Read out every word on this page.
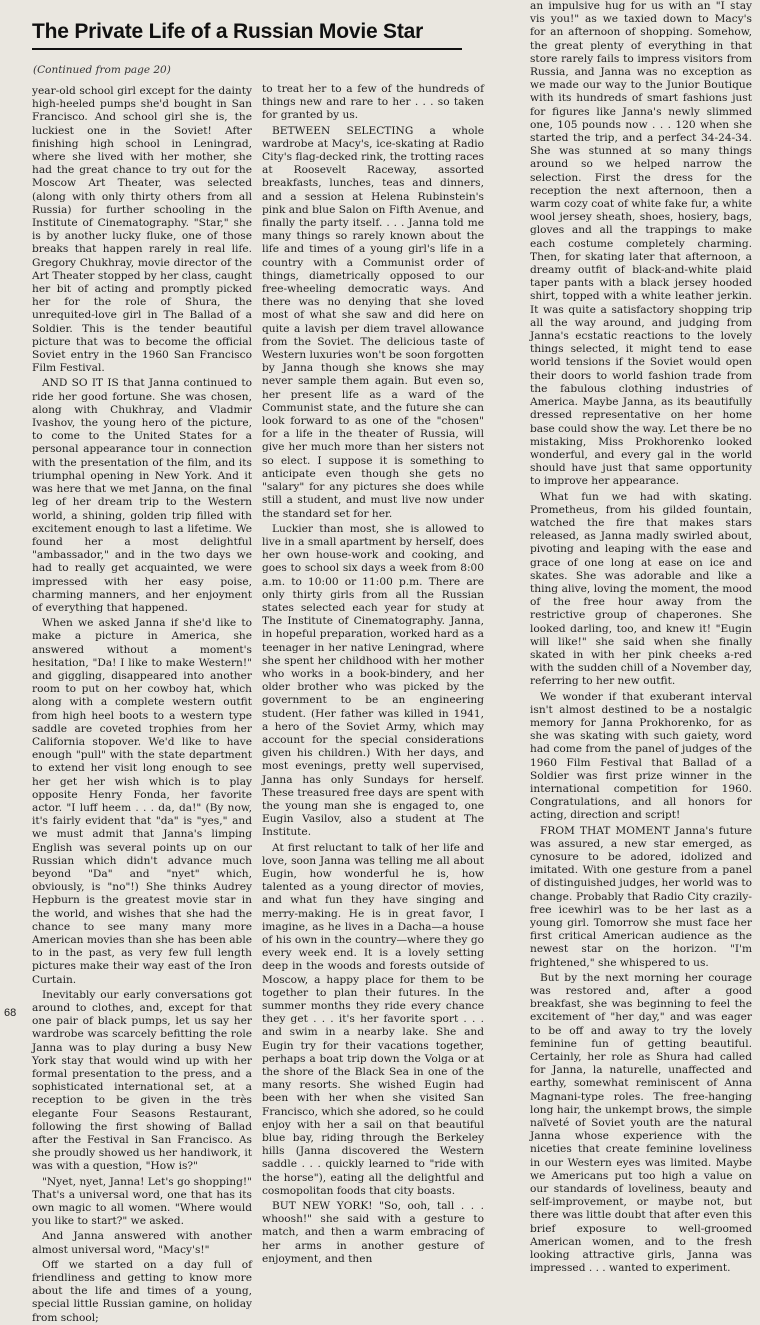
The Private Life of a Russian Movie Star
(Continued from page 20)

year-old school girl except for the dainty high-heeled pumps she'd bought in San Francisco. And school girl she is, the luckiest one in the Soviet! After finishing high school in Leningrad, where she lived with her mother, she had the great chance to try out for the Moscow Art Theater, was selected (along with only thirty others from all Russia) for further schooling in the Institute of Cinematography. "Star," she is by another lucky fluke, one of those breaks that happen rarely in real life. Gregory Chukhray, movie director of the Art Theater stopped by her class, caught her bit of acting and promptly picked her for the role of Shura, the unrequited-love girl in The Ballad of a Soldier. This is the tender beautiful picture that was to become the official Soviet entry in the 1960 San Francisco Film Festival.

AND SO IT IS that Janna continued to ride her good fortune. She was chosen, along with Chukhray, and Vladmir Ivashov, the young hero of the picture, to come to the United States for a personal appearance tour in connection with the presentation of the film, and its triumphal opening in New York. And it was here that we met Janna, on the final leg of her dream trip to the Western world, a shining, golden trip filled with excitement enough to last a lifetime. We found her a most delightful "ambassador," and in the two days we had to really get acquainted, we were impressed with her easy poise, charming manners, and her enjoyment of everything that happened.

When we asked Janna if she'd like to make a picture in America, she answered without a moment's hesitation, "Da! I like to make Western!" and giggling, disappeared into another room to put on her cowboy hat, which along with a complete western outfit from high heel boots to a western type saddle are coveted trophies from her California stopover. We'd like to have enough "pull" with the state department to extend her visit long enough to see her get her wish which is to play opposite Henry Fonda, her favorite actor. "I luff heem . . . da, da!" (By now, it's fairly evident that "da" is "yes," and we must admit that Janna's limping English was several points up on our Russian which didn't advance much beyond "Da" and "nyet" which, obviously, is "no"!) She thinks Audrey Hepburn is the greatest movie star in the world, and wishes that she had the chance to see many many more American movies than she has been able to in the past, as very few full length pictures make their way east of the Iron Curtain.

Inevitably our early conversations got around to clothes, and, except for that one pair of black pumps, let us say her wardrobe was scarcely befitting the role Janna was to play during a busy New York stay that would wind up with her formal presentation to the press, and a sophisticated international set, at a reception to be given in the très elegante Four Seasons Restaurant, following the first showing of Ballad after the Festival in San Francisco. As she proudly showed us her handiwork, it was with a question, "How is?"

"Nyet, nyet, Janna! Let's go shopping!" That's a universal word, one that has its own magic to all women. "Where would you like to start?" we asked.

And Janna answered with another almost universal word, "Macy's!"

Off we started on a day full of friendliness and getting to know more about the life and times of a young, special little Russian gamine, on holiday from school;

to treat her to a few of the hundreds of things new and rare to her . . . so taken for granted by us.

BETWEEN SELECTING a whole wardrobe at Macy's, ice-skating at Radio City's flag-decked rink, the trotting races at Roosevelt Raceway, assorted breakfasts, lunches, teas and dinners, and a session at Helena Rubinstein's pink and blue Salon on Fifth Avenue, and finally the party itself. . . . Janna told me many things so rarely known about the life and times of a young girl's life in a country with a Communist order of things, diametrically opposed to our free-wheeling democratic ways. And there was no denying that she loved most of what she saw and did here on quite a lavish per diem travel allowance from the Soviet. The delicious taste of Western luxuries won't be soon forgotten by Janna though she knows she may never sample them again. But even so, her present life as a ward of the Communist state, and the future she can look forward to as one of the "chosen" for a life in the theater of Russia, will give her much more than her sisters not so elect. I suppose it is something to anticipate even though she gets no "salary" for any pictures she does while still a student, and must live now under the standard set for her.

Luckier than most, she is allowed to live in a small apartment by herself, does her own house-work and cooking, and goes to school six days a week from 8:00 a.m. to 10:00 or 11:00 p.m. There are only thirty girls from all the Russian states selected each year for study at The Institute of Cinematography. Janna, in hopeful preparation, worked hard as a teenager in her native Leningrad, where she spent her childhood with her mother who works in a book-bindery, and her older brother who was picked by the government to be an engineering student. (Her father was killed in 1941, a hero of the Soviet Army, which may account for the special considerations given his children.) With her days, and most evenings, pretty well supervised, Janna has only Sundays for herself. These treasured free days are spent with the young man she is engaged to, one Eugin Vasilov, also a student at The Institute.

At first reluctant to talk of her life and love, soon Janna was telling me all about Eugin, how wonderful he is, how talented as a young director of movies, and what fun they have singing and merry-making. He is in great favor, I imagine, as he lives in a Dacha—a house of his own in the country—where they go every week end. It is a lovely setting deep in the woods and forests outside of Moscow, a happy place for them to be together to plan their futures. In the summer months they ride every chance they get . . . it's her favorite sport . . . and swim in a nearby lake. She and Eugin try for their vacations together, perhaps a boat trip down the Volga or at the shore of the Black Sea in one of the many resorts. She wished Eugin had been with her when she visited San Francisco, which she adored, so he could enjoy with her a sail on that beautiful blue bay, riding through the Berkeley hills (Janna discovered the Western saddle . . . quickly learned to "ride with the horse"), eating all the delightful and cosmopolitan foods that city boasts.

BUT NEW YORK! "So, ooh, tall . . . whoosh!" she said with a gesture to match, and then a warm embracing of her arms in another gesture of enjoyment, and then

an impulsive hug for us with an "I stay vis you!" as we taxied down to Macy's for an afternoon of shopping. Somehow, the great plenty of everything in that store rarely fails to impress visitors from Russia, and Janna was no exception as we made our way to the Junior Boutique with its hundreds of smart fashions just for figures like Janna's newly slimmed one, 105 pounds now . . . 120 when she started the trip, and a perfect 34-24-34. She was stunned at so many things around so we helped narrow the selection. First the dress for the reception the next afternoon, then a warm cozy coat of white fake fur, a white wool jersey sheath, shoes, hosiery, bags, gloves and all the trappings to make each costume completely charming. Then, for skating later that afternoon, a dreamy outfit of black-and-white plaid taper pants with a black jersey hooded shirt, topped with a white leather jerkin. It was quite a satisfactory shopping trip all the way around, and judging from Janna's ecstatic reactions to the lovely things selected, it might tend to ease world tensions if the Soviet would open their doors to world fashion trade from the fabulous clothing industries of America. Maybe Janna, as its beautifully dressed representative on her home base could show the way. Let there be no mistaking, Miss Prokhorenko looked wonderful, and every gal in the world should have just that same opportunity to improve her appearance.

What fun we had with skating. Prometheus, from his gilded fountain, watched the fire that makes stars released, as Janna madly swirled about, pivoting and leaping with the ease and grace of one long at ease on ice and skates. She was adorable and like a thing alive, loving the moment, the mood of the free hour away from the restrictive group of chaperones. She looked darling, too, and knew it! "Eugin will like!" she said when she finally skated in with her pink cheeks a-red with the sudden chill of a November day, referring to her new outfit.

We wonder if that exuberant interval isn't almost destined to be a nostalgic memory for Janna Prokhorenko, for as she was skating with such gaiety, word had come from the panel of judges of the 1960 Film Festival that Ballad of a Soldier was first prize winner in the international competition for 1960. Congratulations, and all honors for acting, direction and script!

FROM THAT MOMENT Janna's future was assured, a new star emerged, as cynosure to be adored, idolized and imitated. With one gesture from a panel of distinguished judges, her world was to change. Probably that Radio City crazily-free icewhirl was to be her last as a young girl. Tomorrow she must face her first critical American audience as the newest star on the horizon. "I'm frightened," she whispered to us.

But by the next morning her courage was restored and, after a good breakfast, she was beginning to feel the excitement of "her day," and was eager to be off and away to try the lovely feminine fun of getting beautiful. Certainly, her role as Shura had called for Janna, la naturelle, unaffected and earthy, somewhat reminiscent of Anna Magnani-type roles. The free-hanging long hair, the unkempt brows, the simple naïveté of Soviet youth are the natural Janna whose experience with the niceties that create feminine loveliness in our Western eyes was limited. Maybe we Americans put too high a value on our standards of loveliness, beauty and self-improvement, or maybe not, but there was little doubt that after even this brief exposure to well-groomed American women, and to the fresh looking attractive girls, Janna was impressed . . . wanted to experiment.

68
